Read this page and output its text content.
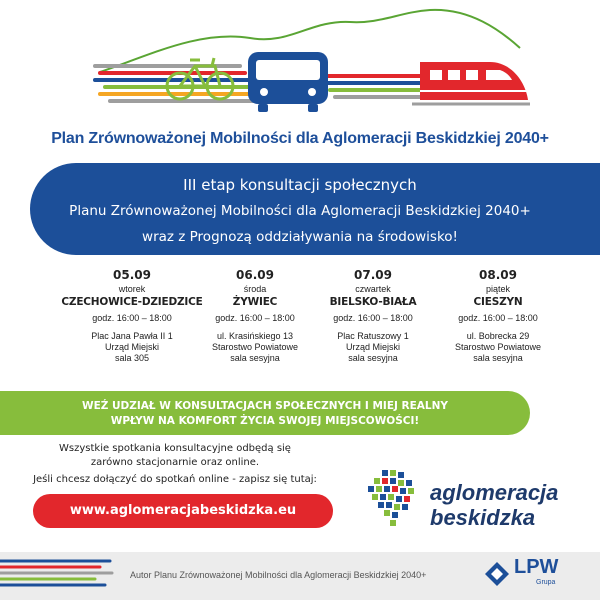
Plan Zrównoważonej Mobilności dla Aglomeracji Beskidzkiej 2040+
III etap konsultacji społecznych
Planu Zrównoważonej Mobilności dla Aglomeracji Beskidzkiej 2040+
wraz z Prognozą oddziaływania na środowisko!
05.09
wtorek
CZECHOWICE-DZIEDZICE
godz. 16:00 – 18:00
Plac Jana Pawła II 1
Urząd Miejski
sala 305
06.09
środa
ŻYWIEC
godz. 16:00 – 18:00
ul. Krasińskiego 13
Starostwo Powiatowe
sala sesyjna
07.09
czwartek
BIELSKO-BIAŁA
godz. 16:00 – 18:00
Plac Ratuszowy 1
Urząd Miejski
sala sesyjna
08.09
piątek
CIESZYN
godz. 16:00 – 18:00
ul. Bobrecka 29
Starostwo Powiatowe
sala sesyjna
WEŹ UDZIAŁ W KONSULTACJACH SPOŁECZNYCH I MIEJ REALNY
WPŁYW NA KOMFORT ŻYCIA SWOJEJ MIEJSCOWOŚCI!
Wszystkie spotkania konsultacyjne odbędą się
zarówno stacjonarnie oraz online.
Jeśli chcesz dołączyć do spotkań online - zapisz się tutaj:
www.aglomeracjabeskidzka.eu
aglomeracja
beskidzka
Autor Planu Zrównoważonej Mobilności dla Aglomeracji Beskidzkiej 2040+	LPW
Grupa
